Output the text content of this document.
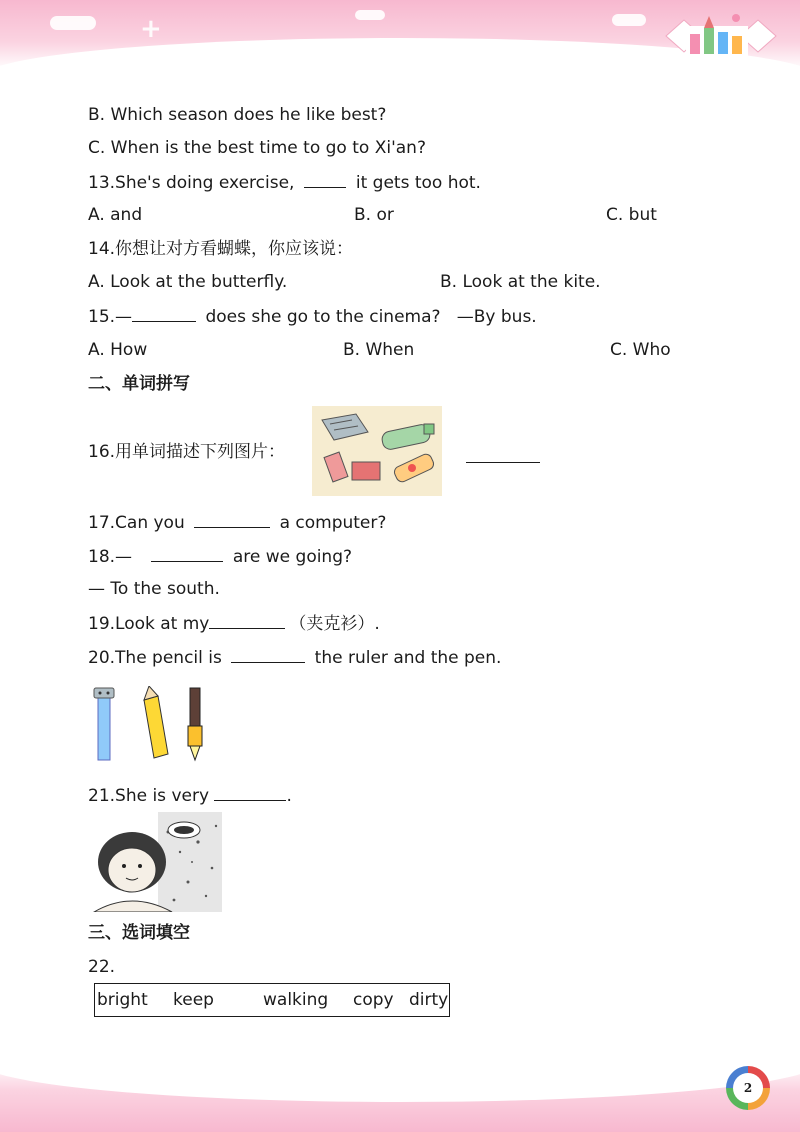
+
2
B. Which season does he like best?
C. When is the best time to go to Xi'an?
13.She's doing exercise,	it gets too hot.
A. and	B. or	C. but
14.你想让对方看蝴蝶，你应该说：
A. Look at the butterfly.	B. Look at the kite.
15.—	does she go to the cinema? —By bus.
A. How	B. When	C. Who
二、单词拼写
16.用单词描述下列图片：
17.Can you	a computer?
18.—	are we going?
— To the south.
19.Look at my	（夹克衫）.
20.The pencil is	the ruler and the pen.
21.She is very	.
三、选词填空
22.
bright keep	walking copy dirty
